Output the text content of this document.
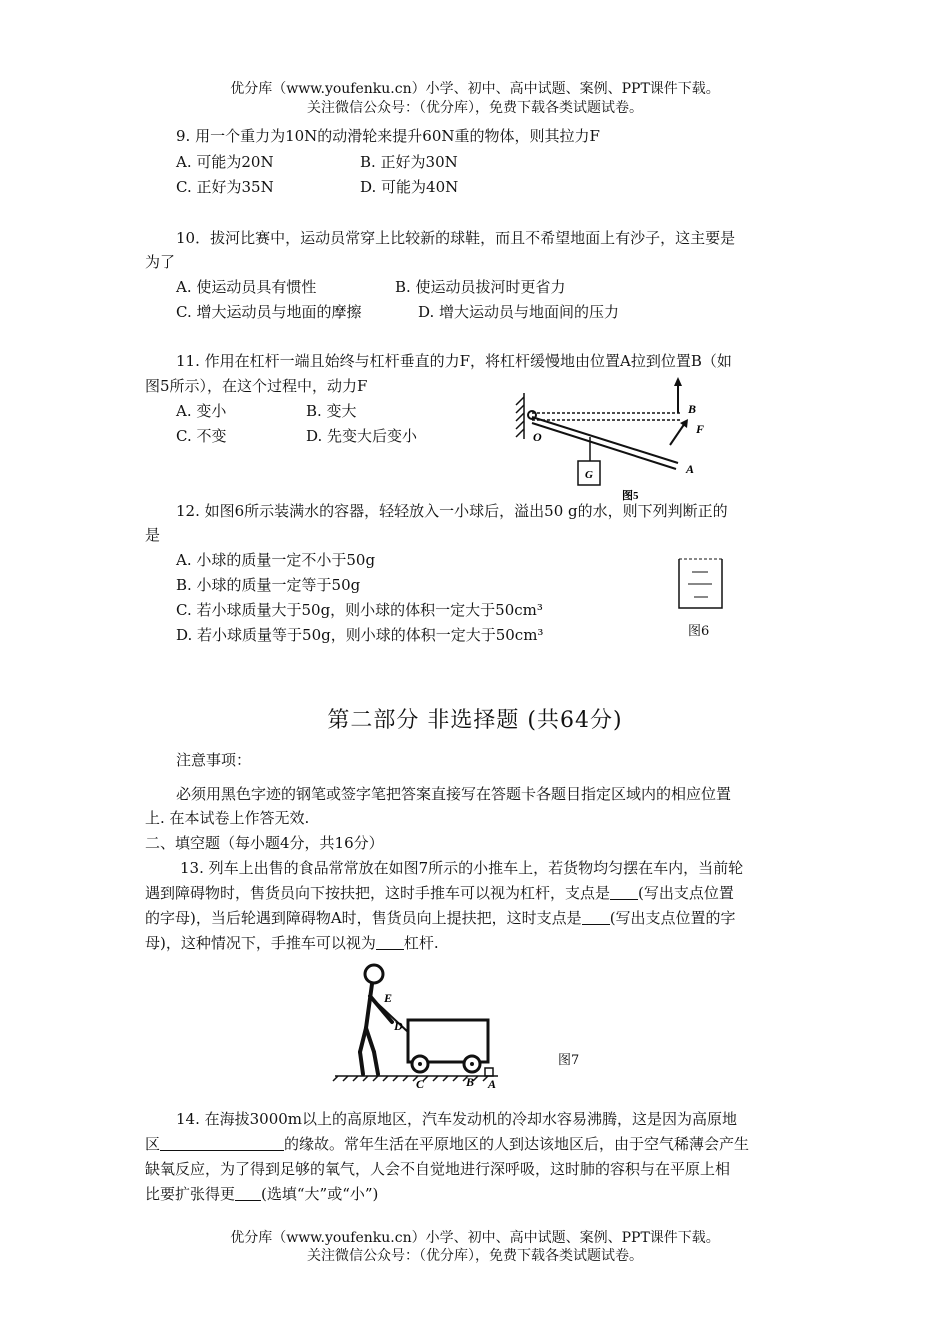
优分库（www.youfenku.cn）小学、初中、高中试题、案例、PPT课件下载。
关注微信公众号：（优分库），免费下载各类试题试卷。
9. 用一个重力为10N的动滑轮来提升60N重的物体，则其拉力F
A. 可能为20N	B. 正好为30N
C. 正好为35N	D. 可能为40N
10．拔河比赛中，运动员常穿上比较新的球鞋，而且不希望地面上有沙子，这主要是
为了
A. 使运动员具有惯性	B. 使运动员拔河时更省力
C. 增大运动员与地面的摩擦	D. 增大运动员与地面间的压力
11. 作用在杠杆一端且始终与杠杆垂直的力F，将杠杆缓慢地由位置A拉到位置B（如
图5所示），在这个过程中，动力F
A. 变小	B. 变大
C. 不变	D. 先变大后变小	O
G
B
F
A
图5
12. 如图6所示装满水的容器，轻轻放入一小球后，溢出50 g的水，则下列判断正的
是
A. 小球的质量一定不小于50g
B. 小球的质量一定等于50g
C. 若小球质量大于50g，则小球的体积一定大于50cm³
D. 若小球质量等于50g，则小球的体积一定大于50cm³	图6
第二部分 非选择题 (共64分)
注意事项：
必须用黑色字迹的钢笔或签字笔把答案直接写在答题卡各题目指定区域内的相应位置
上. 在本试卷上作答无效.
二、填空题（每小题4分，共16分）
13. 列车上出售的食品常常放在如图7所示的小推车上，若货物均匀摆在车内，当前轮
遇到障碍物时，售货员向下按扶把，这时手推车可以视为杠杆，支点是 (写出支点位置
的字母)，当后轮遇到障碍物A时，售货员向上提扶把，这时支点是 (写出支点位置的字
母)，这种情况下，手推车可以视为 杠杆.
E
D
C	B A
图7
14. 在海拔3000m以上的高原地区，汽车发动机的冷却水容易沸腾，这是因为高原地
区	的缘故。常年生活在平原地区的人到达该地区后，由于空气稀薄会产生
缺氧反应，为了得到足够的氧气，人会不自觉地进行深呼吸，这时肺的容积与在平原上相
比要扩张得更 (选填“大”或“小”)
优分库（www.youfenku.cn）小学、初中、高中试题、案例、PPT课件下载。
关注微信公众号：（优分库），免费下载各类试题试卷。
